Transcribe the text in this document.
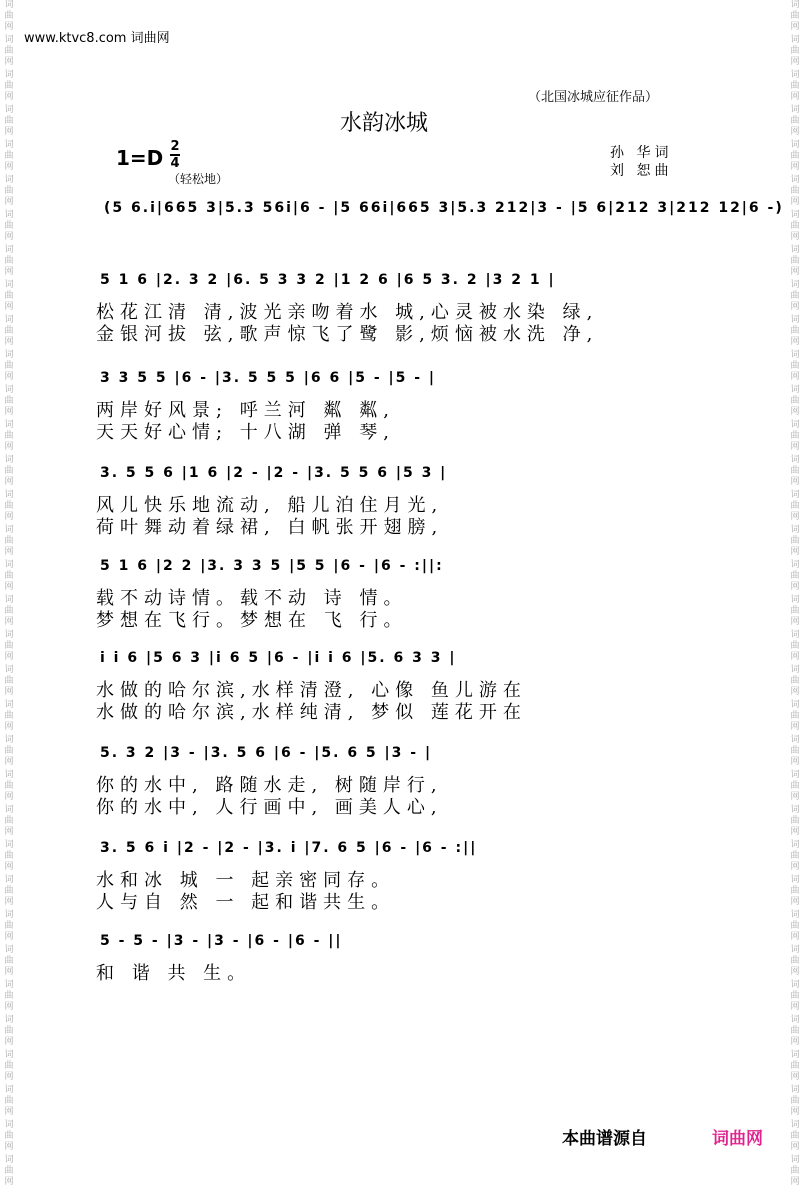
词
曲
网

词
曲
网

词
曲
网

词
曲
网

词
曲
网

词
曲
网

词
曲
网

词
曲
网

词
曲
网

词
曲
网

词
曲
网

词
曲
网

词
曲
网

词
曲
网

词
曲
网

词
曲
网

词
曲
网

词
曲
网

词
曲
网

词
曲
网

词
曲
网

词
曲
网

词
曲
网

词
曲
网

词
曲
网

词
曲
网

词
曲
网

词
曲
网

词
曲
网

词
曲
网

词
曲
网

词
曲
网

词
曲
网

词
曲
网

词
曲
网

词
曲
网

词
曲
网

词
曲
网

词
曲
网

词
曲
网

词
曲
网

词
曲
网

词
曲
网

词
曲
网

词
曲
网

词
曲
网

词
曲
网

词
曲
网

词
曲
网

词
曲
网

词
曲
网

词
曲
网

词
曲
网

词
曲
网

词
曲
网

词
曲
网

词
曲
网

词
曲
网

词
曲
网

词
曲
网

词
曲
网

词
曲
网

词
曲
网

词
曲
网

词
曲
网

词
曲
网

词
曲
网

词
曲
网

www.ktvc8.com 词曲网
（北国冰城应征作品）
水韵冰城
1=D 2
4
（轻松地）
孙 华词
刘 恕曲
(5 6.i|665 3|5.3 56i|6 - |5 66i|665 3|5.3 212|3 - |5 6|212 3|212 12|6 -)
5 1 6 |2. 3 2 |6. 5 3 3 2 |1 2 6 |6 5 3. 2 |3 2 1 |
松花江清 清,波光亲吻着水 城,心灵被水染 绿,
金银河拔 弦,歌声惊飞了鹭 影,烦恼被水洗 净,
3 3 5 5 |6 - |3. 5 5 5 |6 6 |5 - |5 - |
两岸好风景; 呼兰河 粼 粼,
天天好心情; 十八湖 弹 琴,
3. 5 5 6 |1 6 |2 - |2 - |3. 5 5 6 |5 3 |
风儿快乐地流动, 船儿泊住月光,
荷叶舞动着绿裙, 白帆张开翅膀,
5 1 6 |2 2 |3. 3 3 5 |5 5 |6 - |6 - :||:
载不动诗情。载不动 诗 情。
梦想在飞行。梦想在 飞 行。
i i 6 |5 6 3 |i 6 5 |6 - |i i 6 |5. 6 3 3 |
水做的哈尔滨,水样清澄, 心像 鱼儿游在
水做的哈尔滨,水样纯清, 梦似 莲花开在
5. 3 2 |3 - |3. 5 6 |6 - |5. 6 5 |3 - |
你的水中, 路随水走, 树随岸行,
你的水中, 人行画中, 画美人心,
3. 5 6 i |2 - |2 - |3. i |7. 6 5 |6 - |6 - :||
水和冰 城 一 起亲密同存。
人与自 然 一 起和谐共生。
5 - 5 - |3 - |3 - |6 - |6 - ||
和 谐 共 生。
本曲谱源自	词曲网
